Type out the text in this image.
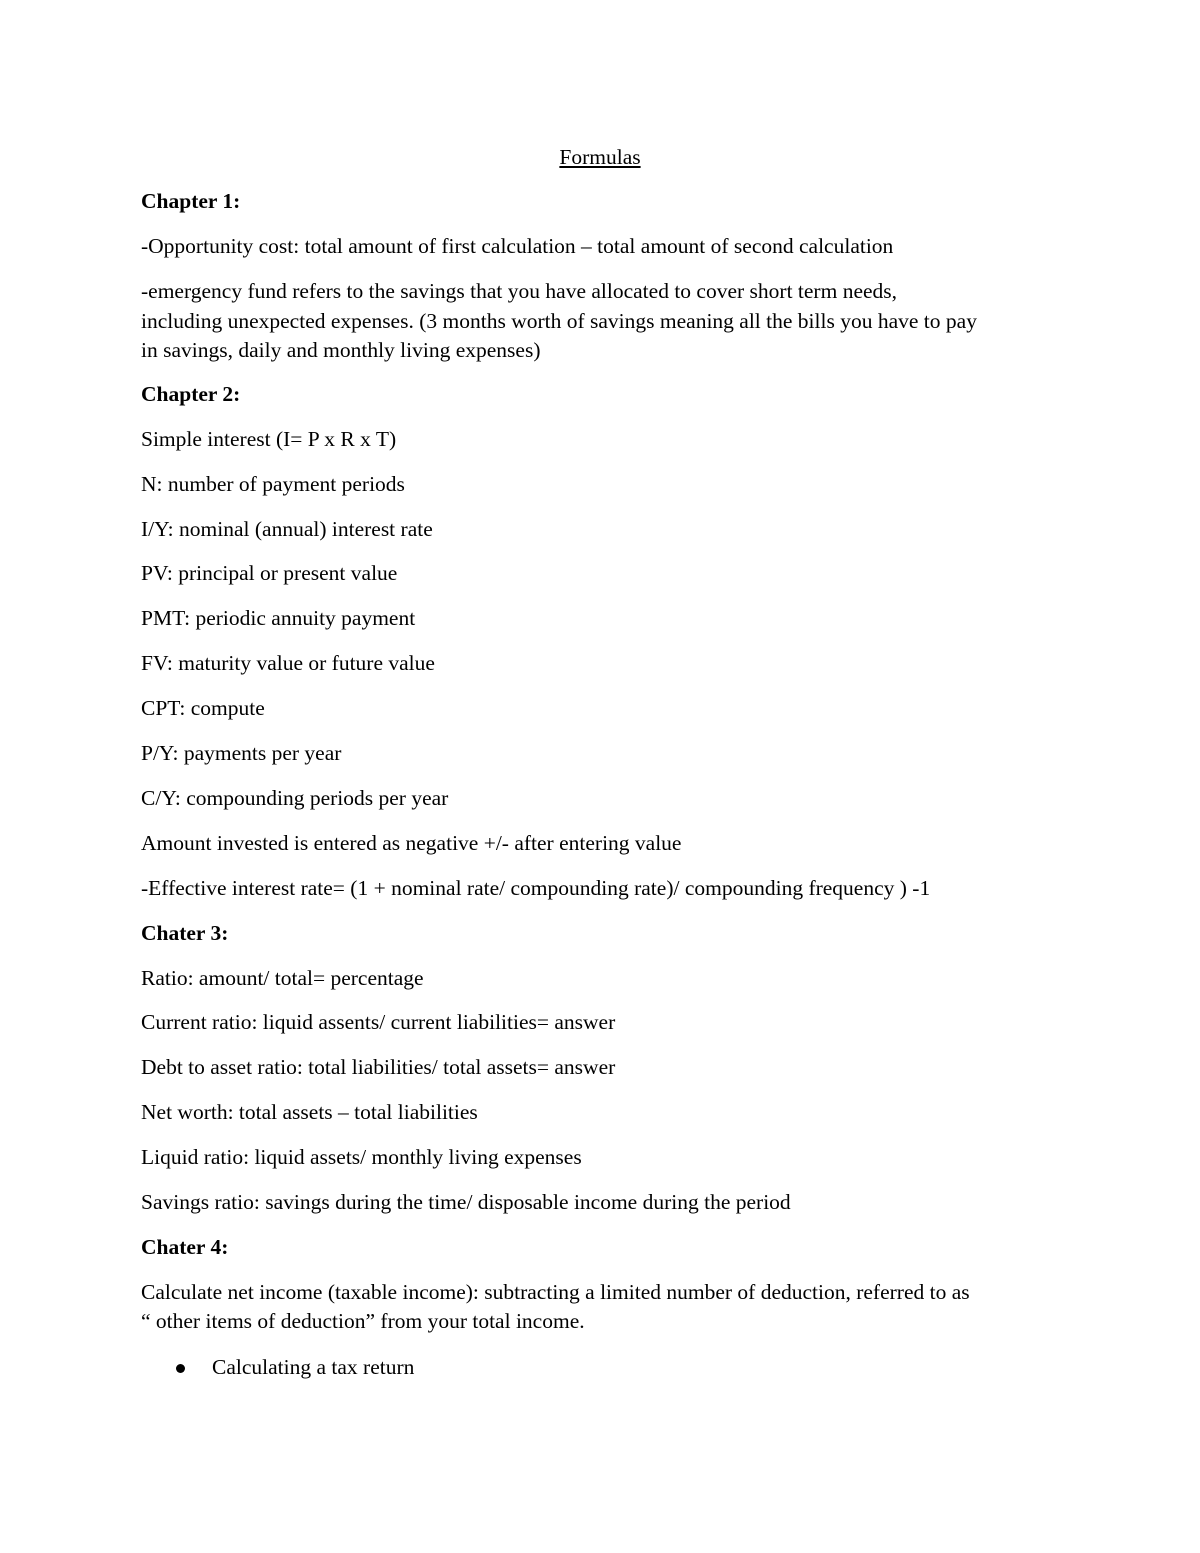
Formulas

Chapter 1:

-Opportunity cost: total amount of first calculation – total amount of second calculation

-emergency fund refers to the savings that you have allocated to cover short term needs,

including unexpected expenses. (3 months worth of savings meaning all the bills you have to pay

in savings, daily and monthly living expenses)

Chapter 2:

Simple interest (I= P x R x T)

N: number of payment periods

I/Y: nominal (annual) interest rate

PV: principal or present value

PMT: periodic annuity payment

FV: maturity value or future value

CPT: compute

P/Y: payments per year

C/Y: compounding periods per year

Amount invested is entered as negative +/- after entering value

-Effective interest rate= (1 + nominal rate/ compounding rate)/ compounding frequency ) -1

Chater 3:

Ratio: amount/ total= percentage

Current ratio: liquid assents/ current liabilities= answer

Debt to asset ratio: total liabilities/ total assets= answer

Net worth: total assets – total liabilities

Liquid ratio: liquid assets/ monthly living expenses

Savings ratio: savings during the time/ disposable income during the period

Chater 4:

Calculate net income (taxable income): subtracting a limited number of deduction, referred to as

“ other items of deduction” from your total income.

Calculating a tax return
